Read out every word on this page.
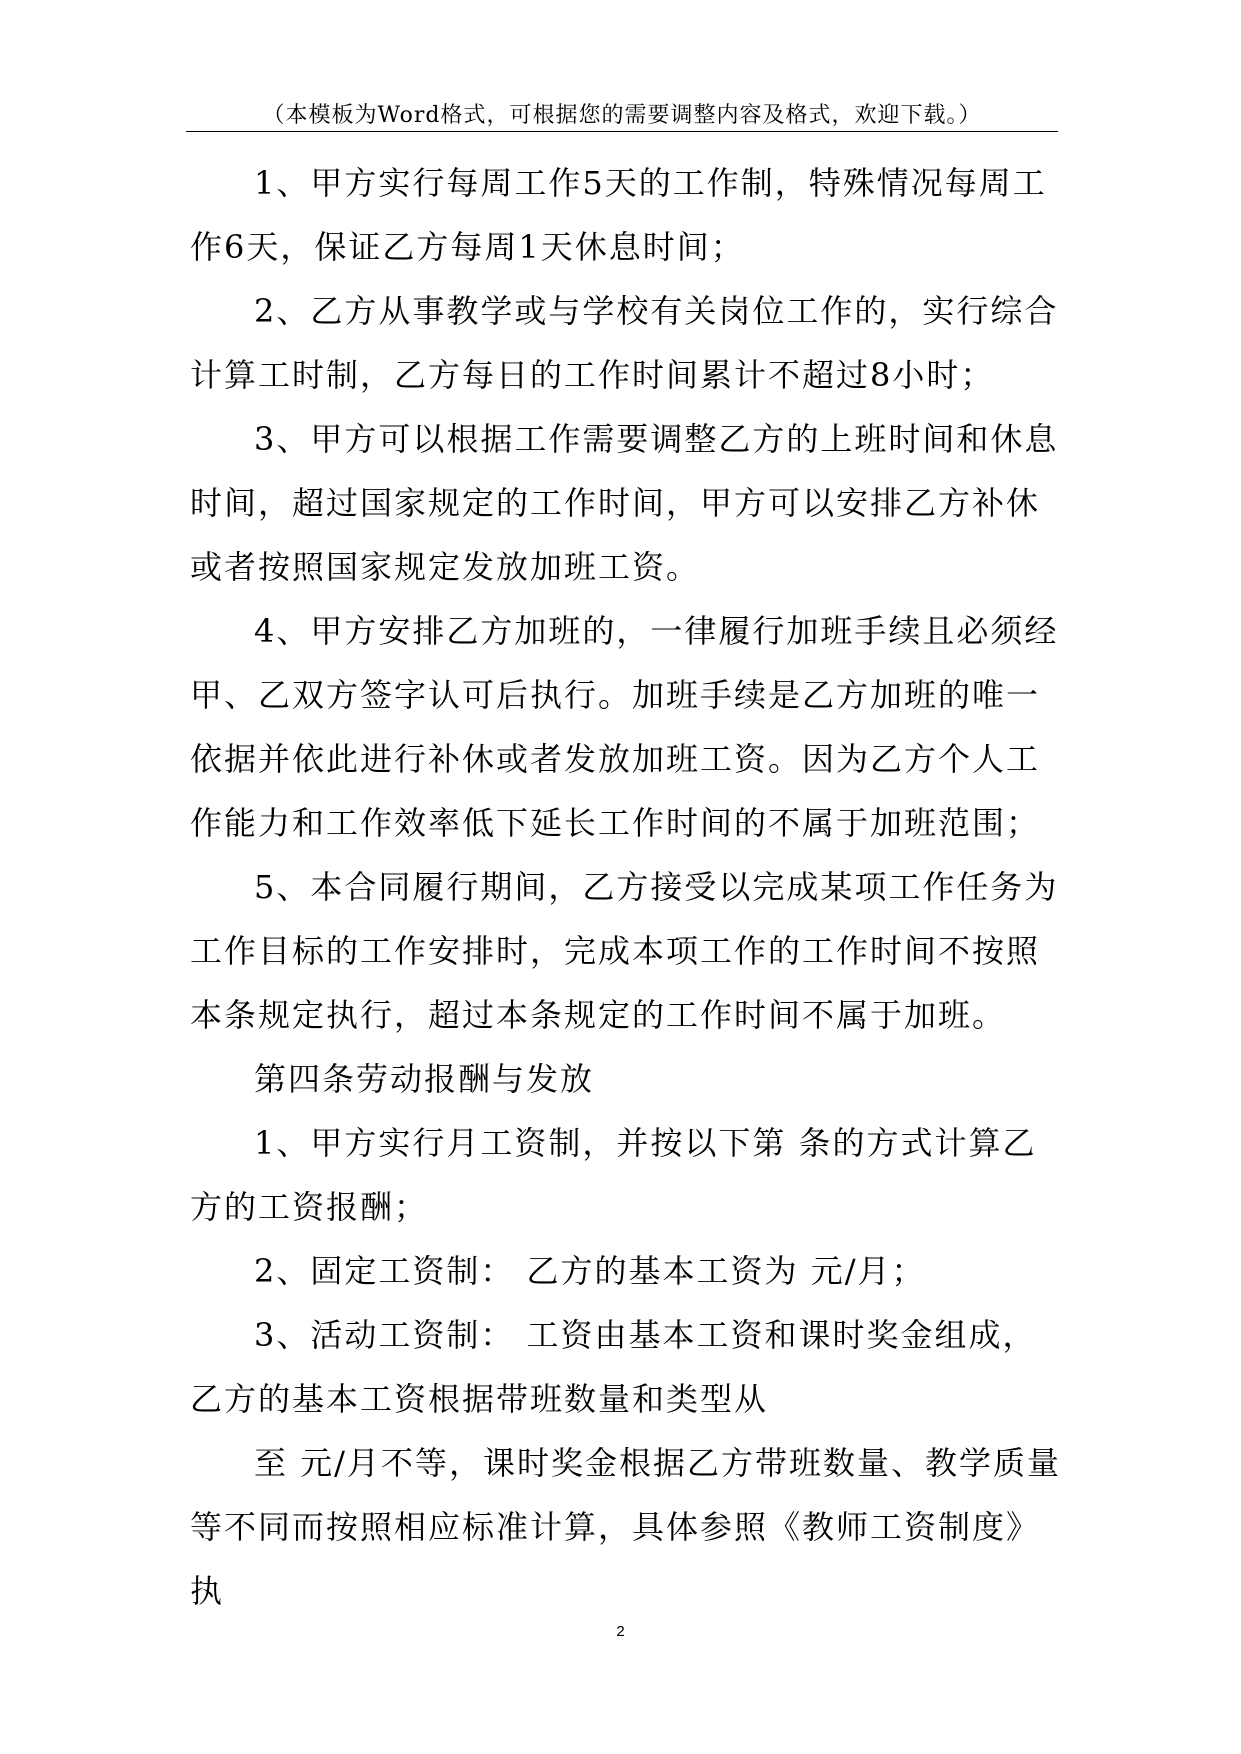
（本模板为Word格式，可根据您的需要调整内容及格式，欢迎下载。）

1、甲方实行每周工作5天的工作制，特殊情况每周工作6天，保证乙方每周1天休息时间；

2、乙方从事教学或与学校有关岗位工作的，实行综合计算工时制，乙方每日的工作时间累计不超过8小时；

3、甲方可以根据工作需要调整乙方的上班时间和休息时间，超过国家规定的工作时间，甲方可以安排乙方补休或者按照国家规定发放加班工资。

4、甲方安排乙方加班的，一律履行加班手续且必须经甲、乙双方签字认可后执行。加班手续是乙方加班的唯一依据并依此进行补休或者发放加班工资。因为乙方个人工作能力和工作效率低下延长工作时间的不属于加班范围；

5、本合同履行期间，乙方接受以完成某项工作任务为工作目标的工作安排时，完成本项工作的工作时间不按照本条规定执行，超过本条规定的工作时间不属于加班。

第四条劳动报酬与发放

1、甲方实行月工资制，并按以下第 条的方式计算乙方的工资报酬；

2、固定工资制： 乙方的基本工资为 元/月；

3、活动工资制： 工资由基本工资和课时奖金组成，乙方的基本工资根据带班数量和类型从

至 元/月不等，课时奖金根据乙方带班数量、教学质量等不同而按照相应标准计算，具体参照《教师工资制度》执

2
